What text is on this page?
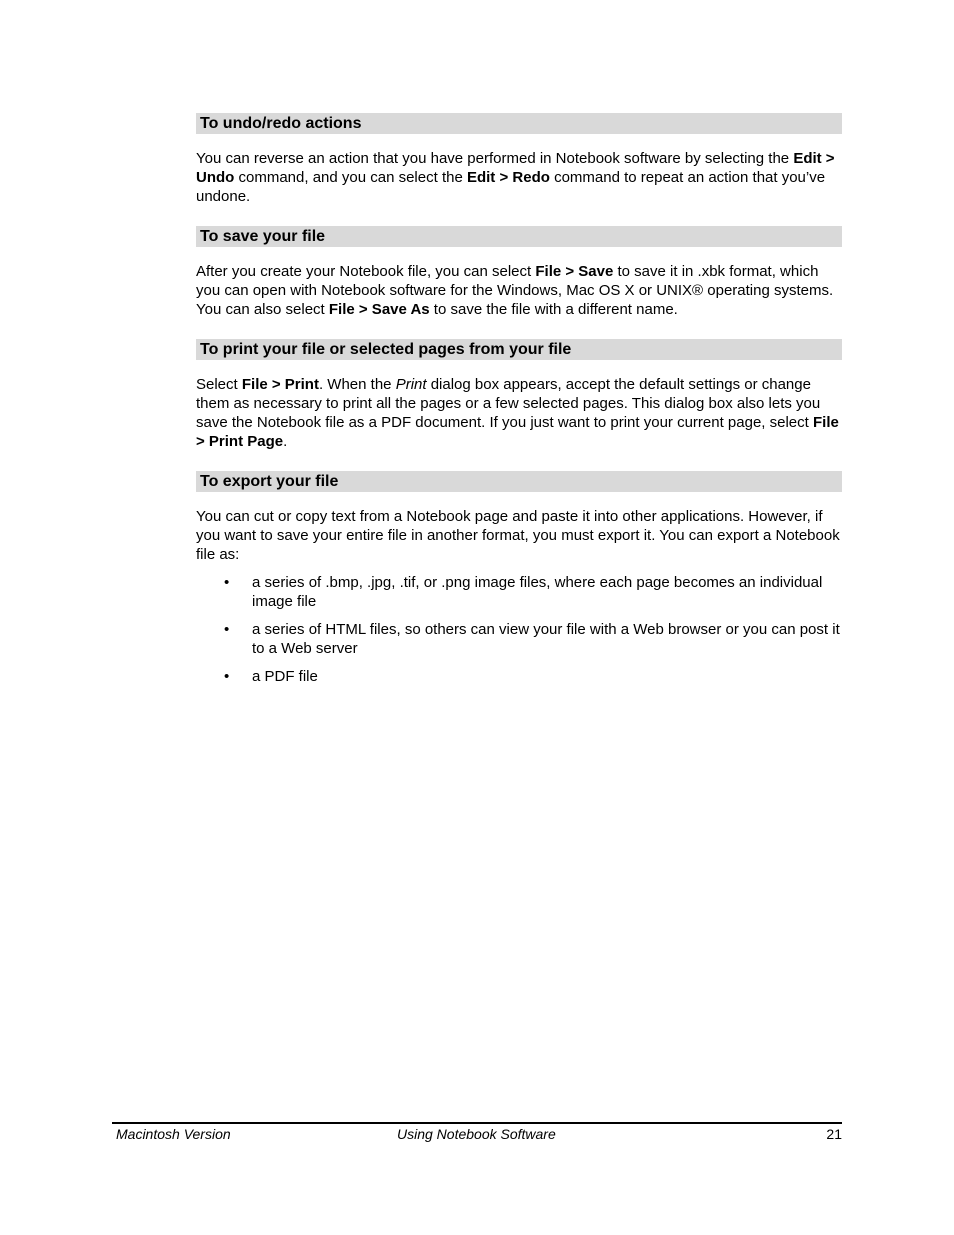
To undo/redo actions

You can reverse an action that you have performed in Notebook software by selecting the Edit > Undo command, and you can select the Edit > Redo command to repeat an action that you’ve undone.

To save your file

After you create your Notebook file, you can select File > Save to save it in .xbk format, which you can open with Notebook software for the Windows, Mac OS X or UNIX® operating systems. You can also select File > Save As to save the file with a different name.

To print your file or selected pages from your file

Select File > Print. When the Print dialog box appears, accept the default settings or change them as necessary to print all the pages or a few selected pages. This dialog box also lets you save the Notebook file as a PDF document. If you just want to print your current page, select File > Print Page.

To export your file

You can cut or copy text from a Notebook page and paste it into other applications. However, if you want to save your entire file in another format, you must export it. You can export a Notebook file as:

• a series of .bmp, .jpg, .tif, or .png image files, where each page becomes an individual image file
• a series of HTML files, so others can view your file with a Web browser or you can post it to a Web server
• a PDF file
Macintosh Version	Using Notebook Software	21
